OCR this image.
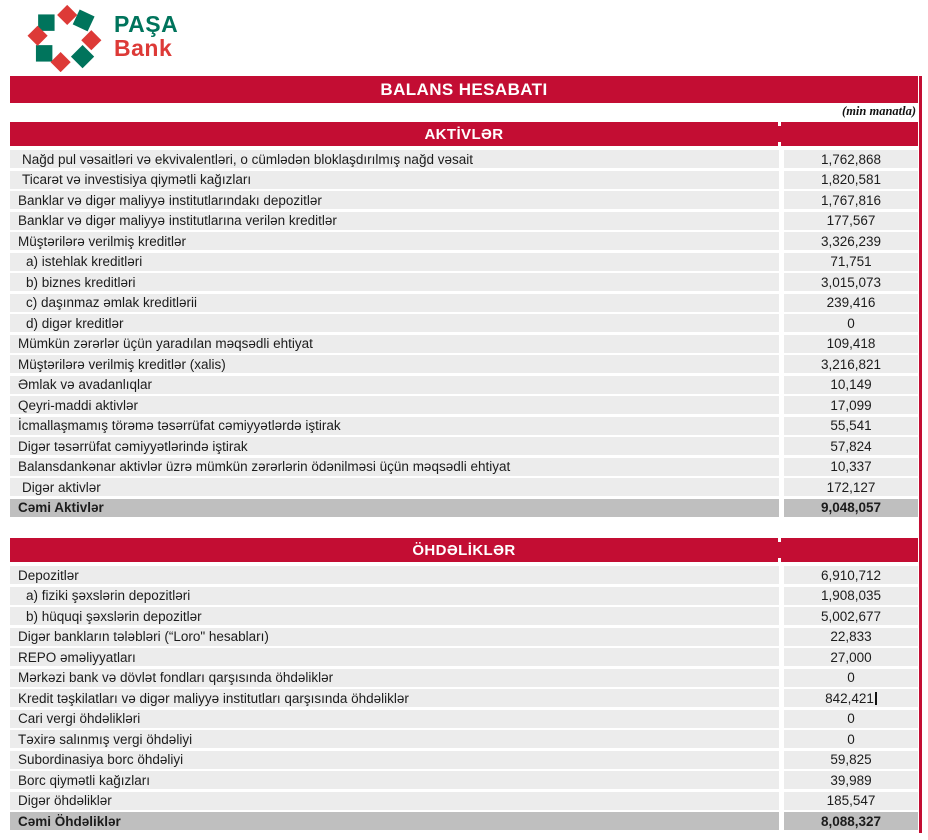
PAŞA
Bank
BALANS HESABATI
(min manatla)
AKTİVLƏR
Nağd pul vəsaitləri və ekvivalentləri, o cümlədən bloklaşdırılmış nağd vəsait	1,762,868
Ticarət və investisiya qiymətli kağızları	1,820,581
Banklar və digər maliyyə institutlarındakı depozitlər	1,767,816
Banklar və digər maliyyə institutlarına verilən kreditlər	177,567
Müştərilərə verilmiş kreditlər	3,326,239
a) istehlak kreditləri	71,751
b) biznes kreditləri	3,015,073
c) daşınmaz əmlak kreditlərii	239,416
d) digər kreditlər	0
Mümkün zərərlər üçün yaradılan məqsədli ehtiyat	109,418
Müştərilərə verilmiş kreditlər (xalis)	3,216,821
Əmlak və avadanlıqlar	10,149
Qeyri-maddi aktivlər	17,099
İcmallaşmamış törəmə təsərrüfat cəmiyyətlərdə iştirak	55,541
Digər təsərrüfat cəmiyyətlərində iştirak	57,824
Balansdankənar aktivlər üzrə mümkün zərərlərin ödənilməsi üçün məqsədli ehtiyat	10,337
Digər aktivlər	172,127
Cəmi Aktivlər	9,048,057
ÖHDƏLİKLƏR
Depozitlər	6,910,712
a) fiziki şəxslərin depozitləri	1,908,035
b) hüquqi şəxslərin depozitlər	5,002,677
Digər bankların tələbləri (“Loro" hesabları)	22,833
REPO əməliyyatları	27,000
Mərkəzi bank və dövlət fondları qarşısında öhdəliklər	0
Kredit təşkilatları və digər maliyyə institutları qarşısında öhdəliklər	842,421
Cari vergi öhdəlikləri	0
Təxirə salınmış vergi öhdəliyi	0
Subordinasiya borc öhdəliyi	59,825
Borc qiymətli kağızları	39,989
Digər öhdəliklər	185,547
Cəmi Öhdəliklər	8,088,327
